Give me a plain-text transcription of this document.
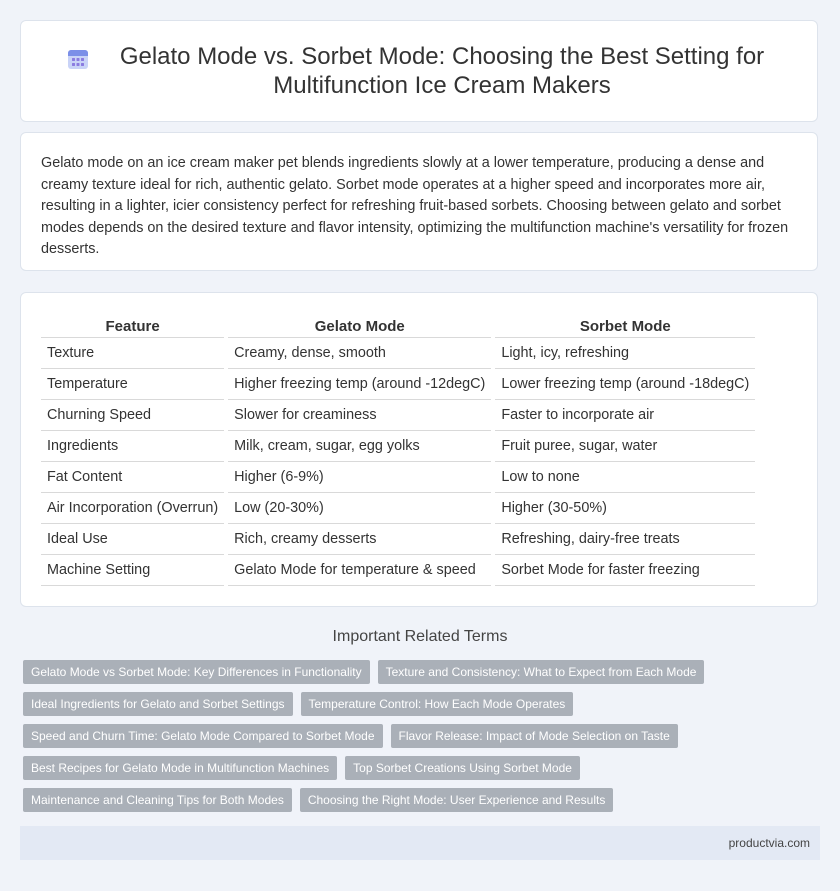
Gelato Mode vs. Sorbet Mode: Choosing the Best Setting for Multifunction Ice Cream Makers

Gelato mode on an ice cream maker pet blends ingredients slowly at a lower temperature, producing a dense and creamy texture ideal for rich, authentic gelato. Sorbet mode operates at a higher speed and incorporates more air, resulting in a lighter, icier consistency perfect for refreshing fruit-based sorbets. Choosing between gelato and sorbet modes depends on the desired texture and flavor intensity, optimizing the multifunction machine's versatility for frozen desserts.

Feature	Gelato Mode	Sorbet Mode
Texture	Creamy, dense, smooth	Light, icy, refreshing
Temperature	Higher freezing temp (around -12degC)	Lower freezing temp (around -18degC)
Churning Speed	Slower for creaminess	Faster to incorporate air
Ingredients	Milk, cream, sugar, egg yolks	Fruit puree, sugar, water
Fat Content	Higher (6-9%)	Low to none
Air Incorporation (Overrun)	Low (20-30%)	Higher (30-50%)
Ideal Use	Rich, creamy desserts	Refreshing, dairy-free treats
Machine Setting	Gelato Mode for temperature & speed	Sorbet Mode for faster freezing
Important Related Terms
Gelato Mode vs Sorbet Mode: Key Differences in Functionality	Texture and Consistency: What to Expect from Each Mode
Ideal Ingredients for Gelato and Sorbet Settings	Temperature Control: How Each Mode Operates
Speed and Churn Time: Gelato Mode Compared to Sorbet Mode	Flavor Release: Impact of Mode Selection on Taste
Best Recipes for Gelato Mode in Multifunction Machines	Top Sorbet Creations Using Sorbet Mode
Maintenance and Cleaning Tips for Both Modes	Choosing the Right Mode: User Experience and Results
productvia.com
